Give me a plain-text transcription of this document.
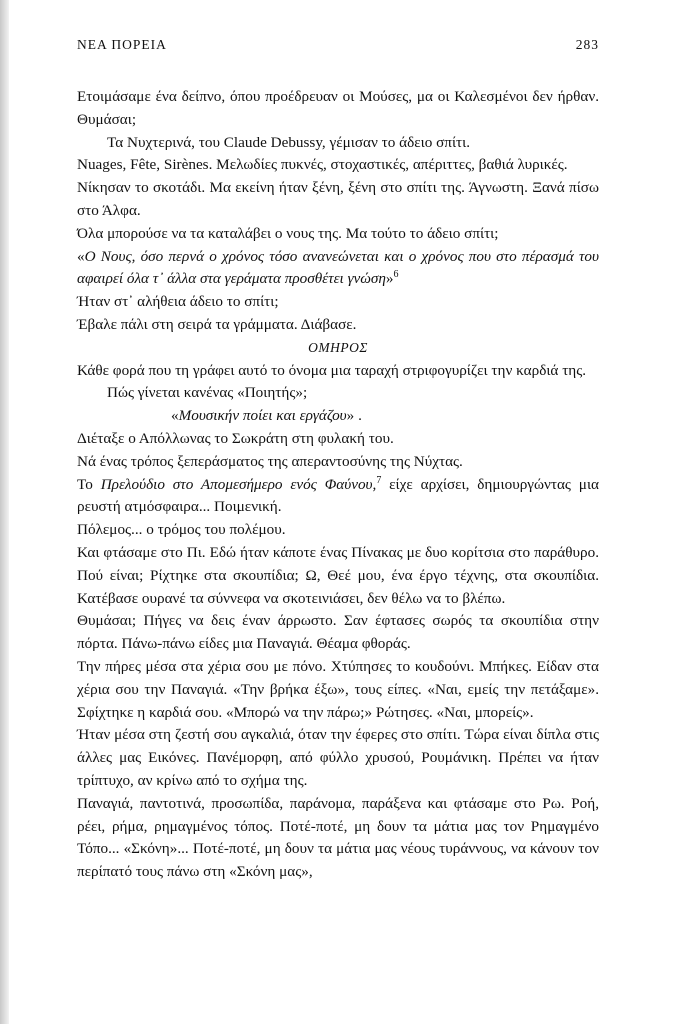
ΝΕΑ ΠΟΡΕΙΑ	283

Ετοιμάσαμε ένα δείπνο, όπου προέδρευαν οι Μούσες, μα οι Καλεσμένοι δεν ήρθαν. Θυμάσαι;

Τα Νυχτερινά, του Claude Debussy, γέμισαν το άδειο σπίτι.

Nuages, Fête, Sirènes. Μελωδίες πυκνές, στοχαστικές, απέριττες, βαθιά λυρικές.

Νίκησαν το σκοτάδι. Μα εκείνη ήταν ξένη, ξένη στο σπίτι της. Άγνωστη. Ξανά πίσω στο Άλφα.

Όλα μπορούσε να τα καταλάβει ο νους της. Μα τούτο το άδειο σπίτι;

«Ο Νους, όσο περνά ο χρόνος τόσο ανανεώνεται και ο χρόνος που στο πέρασμά του αφαιρεί όλα τ᾽ άλλα στα γεράματα προσθέτει γνώση»$^6$

Ήταν στ᾽ αλήθεια άδειο το σπίτι;

Έβαλε πάλι στη σειρά τα γράμματα. Διάβασε.

ΟΜΗΡΟΣ

Κάθε φορά που τη γράφει αυτό το όνομα μια ταραχή στριφογυρίζει την καρδιά της.

Πώς γίνεται κανένας «Ποιητής»;

«Μουσικήν ποίει και εργάζου» .

Διέταξε ο Απόλλωνας το Σωκράτη στη φυλακή του.

Νά ένας τρόπος ξεπεράσματος της απεραντοσύνης της Νύχτας.

Το Πρελούδιο στο Απομεσήμερο ενός Φαύνου,$^7$ είχε αρχίσει, δημιουργώντας μια ρευστή ατμόσφαιρα... Ποιμενική.

Πόλεμος... ο τρόμος του πολέμου.

Και φτάσαμε στο Πι. Εδώ ήταν κάποτε ένας Πίνακας με δυο κορίτσια στο παράθυρο. Πού είναι; Ρίχτηκε στα σκουπίδια; Ω, Θεέ μου, ένα έργο τέχνης, στα σκουπίδια. Κατέβασε ουρανέ τα σύννεφα να σκοτεινιάσει, δεν θέλω να το βλέπω.

Θυμάσαι; Πήγες να δεις έναν άρρωστο. Σαν έφτασες σωρός τα σκουπίδια στην πόρτα. Πάνω-πάνω είδες μια Παναγιά. Θέαμα φθοράς.

Την πήρες μέσα στα χέρια σου με πόνο. Χτύπησες το κουδούνι. Μπήκες. Είδαν στα χέρια σου την Παναγιά. «Την βρήκα έξω», τους είπες. «Ναι, εμείς την πετάξαμε». Σφίχτηκε η καρδιά σου. «Μπορώ να την πάρω;» Ρώτησες. «Ναι, μπορείς».

Ήταν μέσα στη ζεστή σου αγκαλιά, όταν την έφερες στο σπίτι. Τώρα είναι δίπλα στις άλλες μας Εικόνες. Πανέμορφη, από φύλλο χρυσού, Ρουμάνικη. Πρέπει να ήταν τρίπτυχο, αν κρίνω από το σχήμα της.

Παναγιά, παντοτινά, προσωπίδα, παράνομα, παράξενα και φτάσαμε στο Ρω. Ροή, ρέει, ρήμα, ρημαγμένος τόπος. Ποτέ-ποτέ, μη δουν τα μάτια μας τον Ρημαγμένο Τόπο... «Σκόνη»... Ποτέ-ποτέ, μη δουν τα μάτια μας νέους τυράννους, να κάνουν τον περίπατό τους πάνω στη «Σκόνη μας»,
